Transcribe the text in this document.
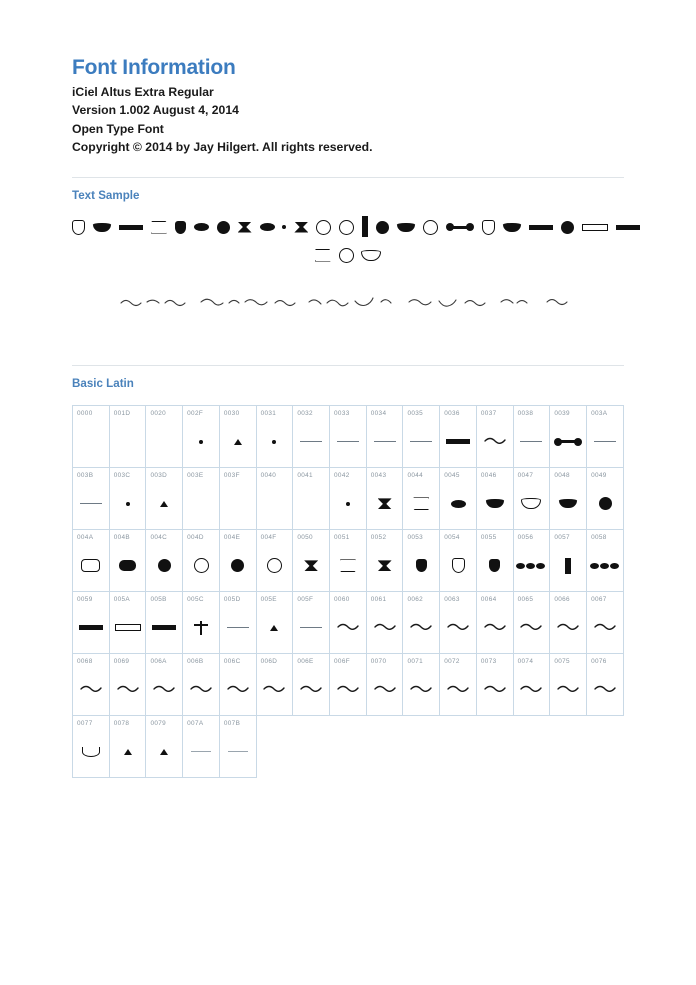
Font Information
iCiel Altus Extra Regular
Version 1.002 August 4, 2014
Open Type Font
Copyright © 2014 by Jay Hilgert. All rights reserved.
Text Sample

Basic Latin
0000	001D	0020	002F	0030	0031	0032	0033	0034	0035	0036	0037	0038	0039	003A

003B	003C	003D	003E	003F	0040	0041	0042	0043	0044	0045	0046	0047	0048	0049

004A	004B	004C	004D	004E	004F	0050	0051	0052	0053	0054	0055	0056	0057	0058

0059	005A	005B	005C	005D	005E	005F	0060	0061	0062	0063	0064	0065	0066	0067

0068	0069	006A	006B	006C	006D	006E	006F	0070	0071	0072	0073	0074	0075	0076

0077	0078	0079	007A	007B										
